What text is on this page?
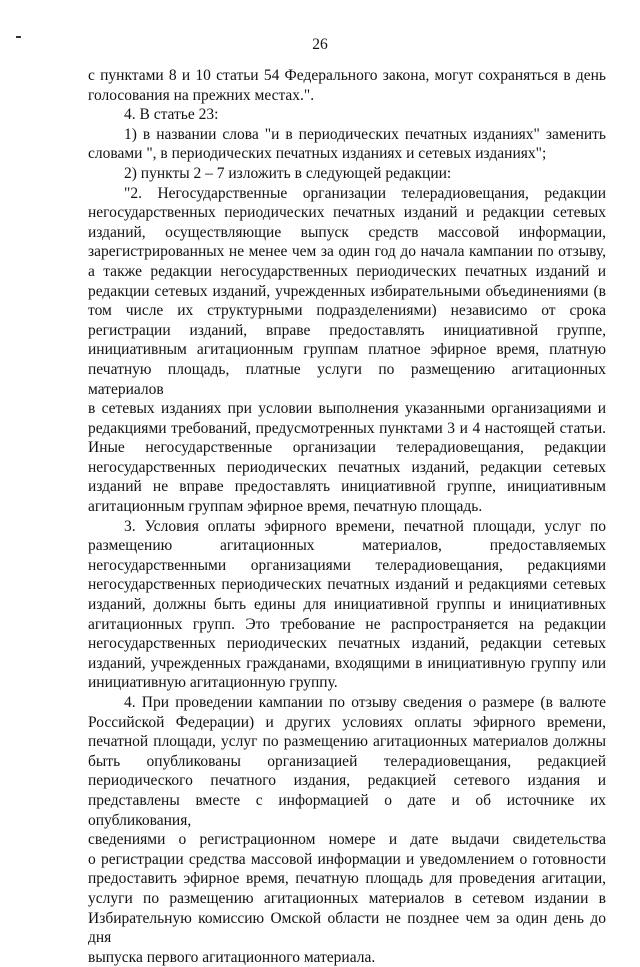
26

с пунктами 8 и 10 статьи 54 Федерального закона, могут сохраняться в день

голосования на прежних местах.".

4. В статье 23:

1) в названии слова "и в периодических печатных изданиях" заменить

словами ", в периодических печатных изданиях и сетевых изданиях";

2) пункты 2 – 7 изложить в следующей редакции:

"2. Негосударственные организации телерадиовещания, редакции

негосударственных периодических печатных изданий и редакции сетевых

изданий, осуществляющие выпуск средств массовой информации,

зарегистрированных не менее чем за один год до начала кампании по отзыву,

а также редакции негосударственных периодических печатных изданий и

редакции сетевых изданий, учрежденных избирательными объединениями (в

том числе их структурными подразделениями) независимо от срока

регистрации изданий, вправе предоставлять инициативной группе,

инициативным агитационным группам платное эфирное время, платную

печатную площадь, платные услуги по размещению агитационных материалов

в сетевых изданиях при условии выполнения указанными организациями и

редакциями требований, предусмотренных пунктами 3 и 4 настоящей статьи.

Иные негосударственные организации телерадиовещания, редакции

негосударственных периодических печатных изданий, редакции сетевых

изданий не вправе предоставлять инициативной группе, инициативным

агитационным группам эфирное время, печатную площадь.

3. Условия оплаты эфирного времени, печатной площади, услуг по

размещению агитационных материалов, предоставляемых

негосударственными организациями телерадиовещания, редакциями

негосударственных периодических печатных изданий и редакциями сетевых

изданий, должны быть едины для инициативной группы и инициативных

агитационных групп. Это требование не распространяется на редакции

негосударственных периодических печатных изданий, редакции сетевых

изданий, учрежденных гражданами, входящими в инициативную группу или

инициативную агитационную группу.

4. При проведении кампании по отзыву сведения о размере (в валюте

Российской Федерации) и других условиях оплаты эфирного времени,

печатной площади, услуг по размещению агитационных материалов должны

быть опубликованы организацией телерадиовещания, редакцией

периодического печатного издания, редакцией сетевого издания и

представлены вместе с информацией о дате и об источнике их опубликования,

сведениями о регистрационном номере и дате выдачи свидетельства

о регистрации средства массовой информации и уведомлением о готовности

предоставить эфирное время, печатную площадь для проведения агитации,

услуги по размещению агитационных материалов в сетевом издании в

Избирательную комиссию Омской области не позднее чем за один день до дня

выпуска первого агитационного материала.
